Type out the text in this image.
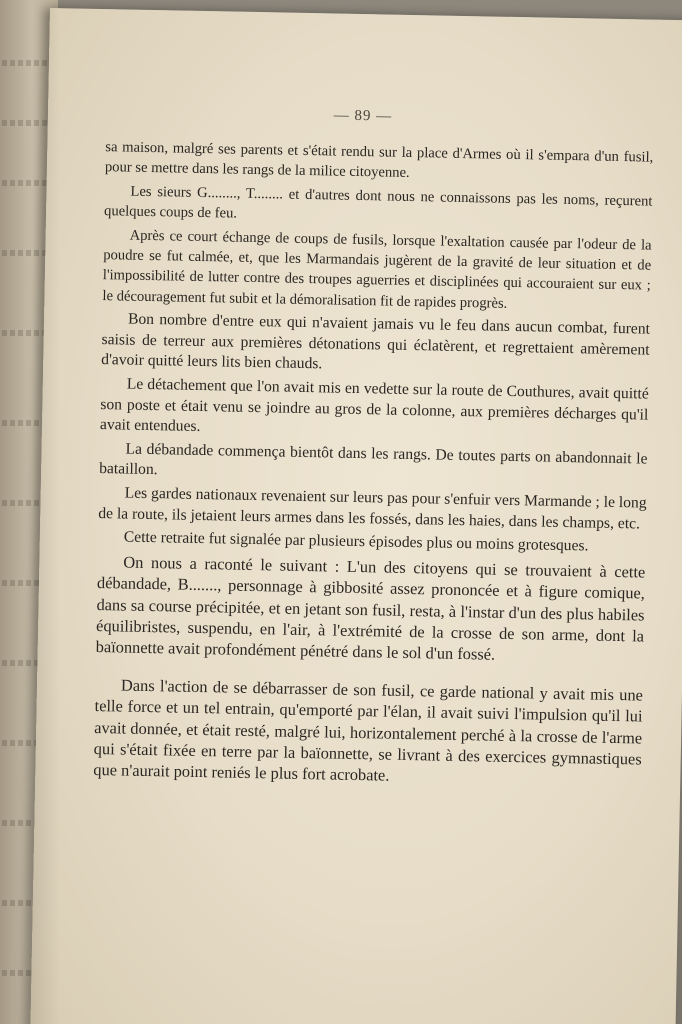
— 89 —

sa maison, malgré ses parents et s'était rendu sur la place d'Armes où il s'empara d'un fusil, pour se mettre dans les rangs de la milice citoyenne.

Les sieurs G........, T........ et d'autres dont nous ne connaissons pas les noms, reçurent quelques coups de feu.

Après ce court échange de coups de fusils, lorsque l'exaltation causée par l'odeur de la poudre se fut calmée, et, que les Marmandais jugèrent de la gravité de leur situation et de l'impossibilité de lutter contre des troupes aguerries et disciplinées qui accouraient sur eux ; le découragement fut subit et la démoralisation fit de rapides progrès.

Bon nombre d'entre eux qui n'avaient jamais vu le feu dans aucun combat, furent saisis de terreur aux premières détonations qui éclatèrent, et regrettaient amèrement d'avoir quitté leurs lits bien chauds.

Le détachement que l'on avait mis en vedette sur la route de Couthures, avait quitté son poste et était venu se joindre au gros de la colonne, aux premières décharges qu'il avait entendues.

La débandade commença bientôt dans les rangs. De toutes parts on abandonnait le bataillon.

Les gardes nationaux revenaient sur leurs pas pour s'enfuir vers Marmande ; le long de la route, ils jetaient leurs armes dans les fossés, dans les haies, dans les champs, etc.

Cette retraite fut signalée par plusieurs épisodes plus ou moins grotesques.

On nous a raconté le suivant : L'un des citoyens qui se trouvaient à cette débandade, B......., personnage à gibbosité assez prononcée et à figure comique, dans sa course précipitée, et en jetant son fusil, resta, à l'instar d'un des plus habiles équilibristes, suspendu, en l'air, à l'extrémité de la crosse de son arme, dont la baïonnette avait profondément pénétré dans le sol d'un fossé.

Dans l'action de se débarrasser de son fusil, ce garde national y avait mis une telle force et un tel entrain, qu'emporté par l'élan, il avait suivi l'impulsion qu'il lui avait donnée, et était resté, malgré lui, horizontalement perché à la crosse de l'arme qui s'était fixée en terre par la baïonnette, se livrant à des exercices gymnastiques que n'aurait point reniés le plus fort acrobate.
